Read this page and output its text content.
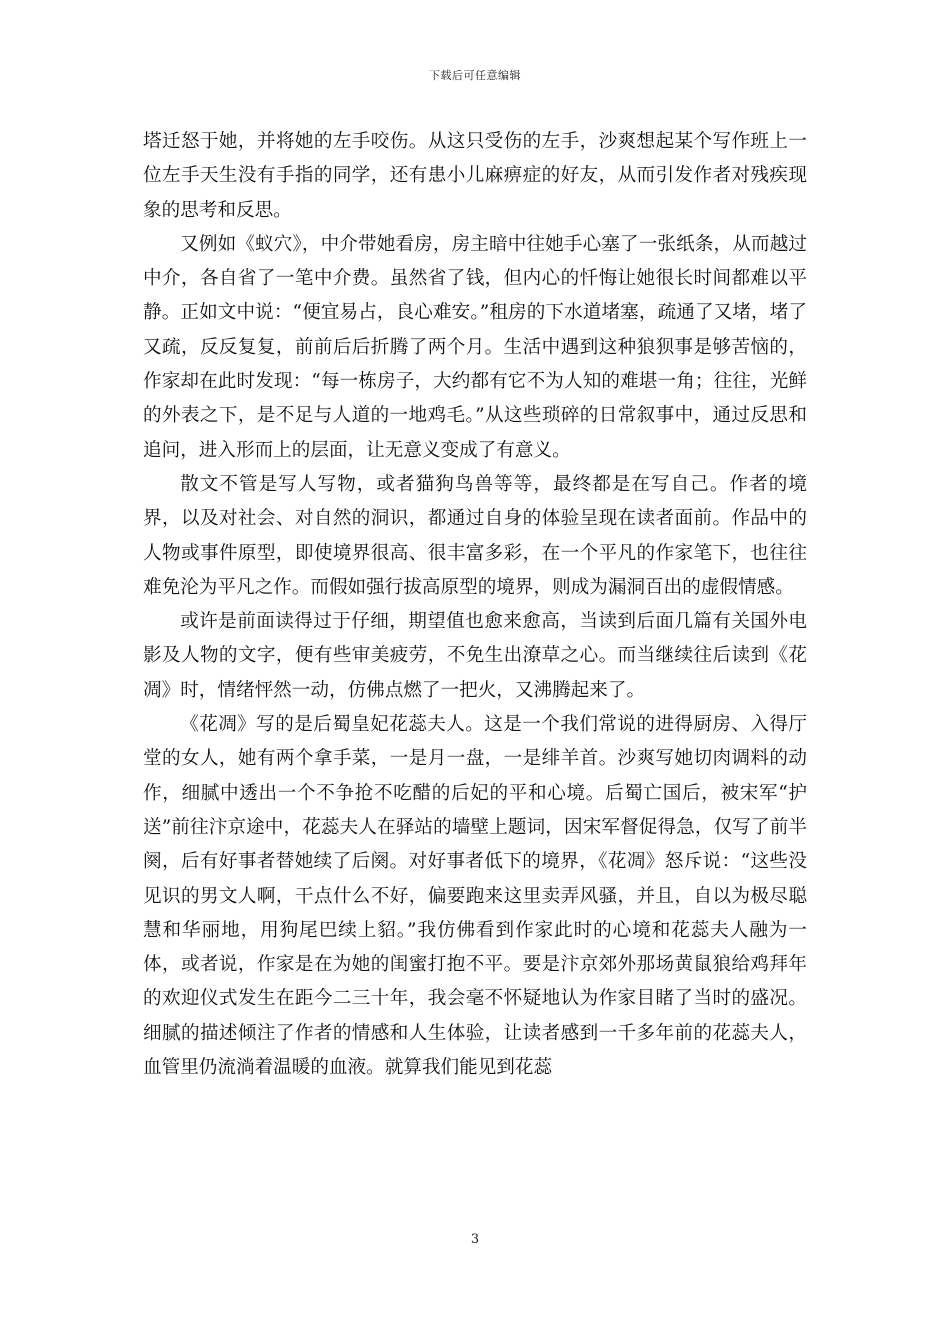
下载后可任意编辑

塔迁怒于她，并将她的左手咬伤。从这只受伤的左手，沙爽想起某个写作班上一位左手天生没有手指的同学，还有患小儿麻痹症的好友，从而引发作者对残疾现象的思考和反思。

又例如《蚁穴》，中介带她看房，房主暗中往她手心塞了一张纸条，从而越过中介，各自省了一笔中介费。虽然省了钱，但内心的忏悔让她很长时间都难以平静。正如文中说：“便宜易占，良心难安。”租房的下水道堵塞，疏通了又堵，堵了又疏，反反复复，前前后后折腾了两个月。生活中遇到这种狼狈事是够苦恼的，作家却在此时发现：“每一栋房子，大约都有它不为人知的难堪一角；往往，光鲜的外表之下，是不足与人道的一地鸡毛。”从这些琐碎的日常叙事中，通过反思和追问，进入形而上的层面，让无意义变成了有意义。

散文不管是写人写物，或者猫狗鸟兽等等，最终都是在写自己。作者的境界，以及对社会、对自然的洞识，都通过自身的体验呈现在读者面前。作品中的人物或事件原型，即使境界很高、很丰富多彩，在一个平凡的作家笔下，也往往难免沦为平凡之作。而假如强行拔高原型的境界，则成为漏洞百出的虚假情感。

或许是前面读得过于仔细，期望值也愈来愈高，当读到后面几篇有关国外电影及人物的文字，便有些审美疲劳，不免生出潦草之心。而当继续往后读到《花凋》时，情绪怦然一动，仿佛点燃了一把火，又沸腾起来了。

《花凋》写的是后蜀皇妃花蕊夫人。这是一个我们常说的进得厨房、入得厅堂的女人，她有两个拿手菜，一是月一盘，一是绯羊首。沙爽写她切肉调料的动作，细腻中透出一个不争抢不吃醋的后妃的平和心境。后蜀亡国后，被宋军“护送”前往汴京途中，花蕊夫人在驿站的墙壁上题词，因宋军督促得急，仅写了前半阕，后有好事者替她续了后阕。对好事者低下的境界，《花凋》怒斥说：“这些没见识的男文人啊，干点什么不好，偏要跑来这里卖弄风骚，并且，自以为极尽聪慧和华丽地，用狗尾巴续上貂。”我仿佛看到作家此时的心境和花蕊夫人融为一体，或者说，作家是在为她的闺蜜打抱不平。要是汴京郊外那场黄鼠狼给鸡拜年的欢迎仪式发生在距今二三十年，我会毫不怀疑地认为作家目睹了当时的盛况。细腻的描述倾注了作者的情感和人生体验，让读者感到一千多年前的花蕊夫人，血管里仍流淌着温暖的血液。就算我们能见到花蕊

3
